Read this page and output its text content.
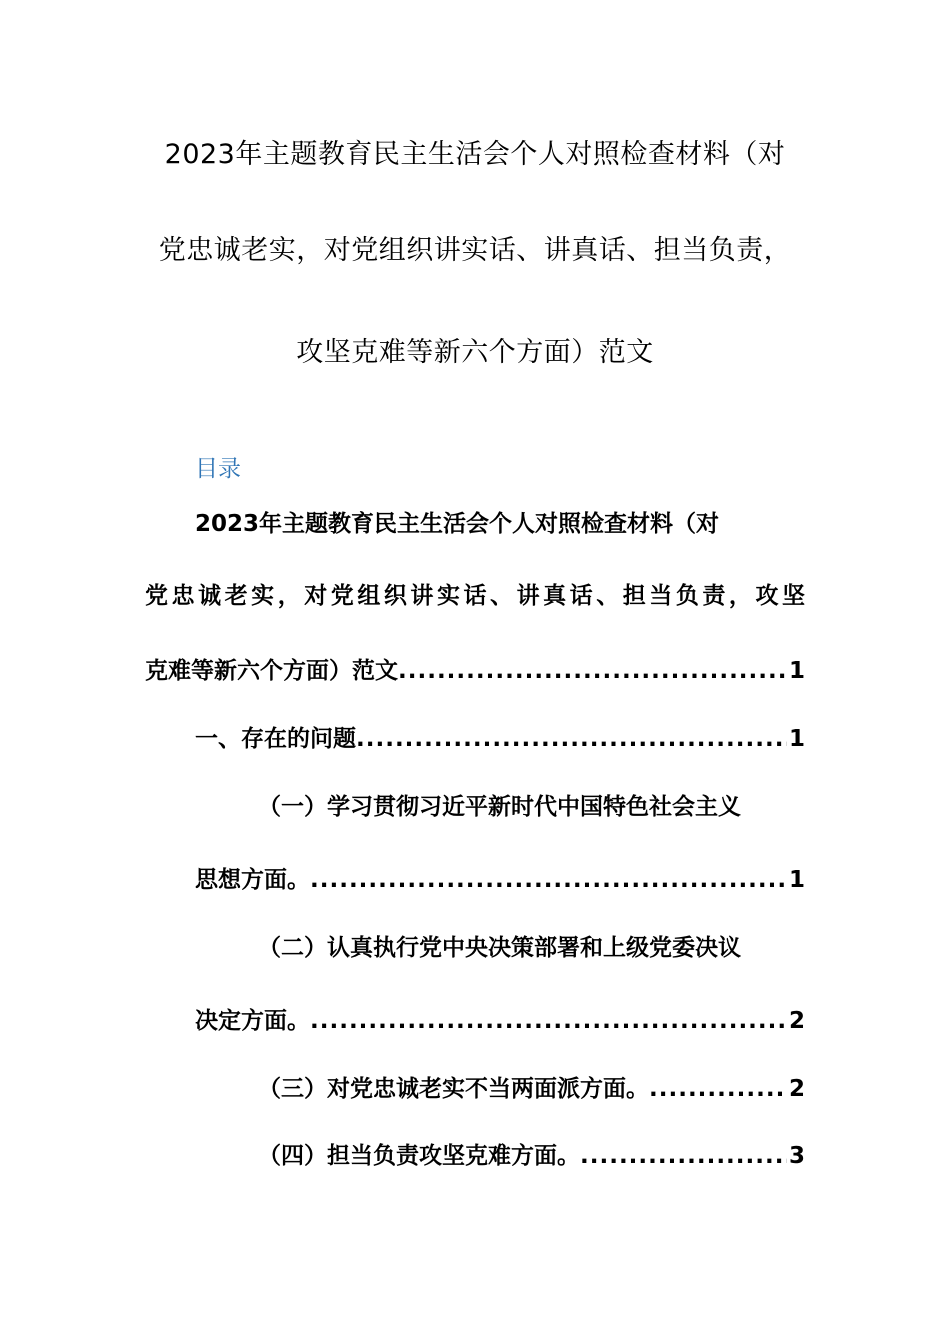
2023年主题教育民主生活会个人对照检查材料（对
党忠诚老实，对党组织讲实话、讲真话、担当负责，
攻坚克难等新六个方面）范文
目录
2023年主题教育民主生活会个人对照检查材料（对
党忠诚老实，对党组织讲实话、讲真话、担当负责，攻坚
克难等新六个方面）范文 .....	1
一、存在的问题 .....	1
（一）学习贯彻习近平新时代中国特色社会主义
思想方面。 .....	1
（二）认真执行党中央决策部署和上级党委决议
决定方面。 .....	2
（三）对党忠诚老实不当两面派方面。 .....	2
（四）担当负责攻坚克难方面。 .....	3
